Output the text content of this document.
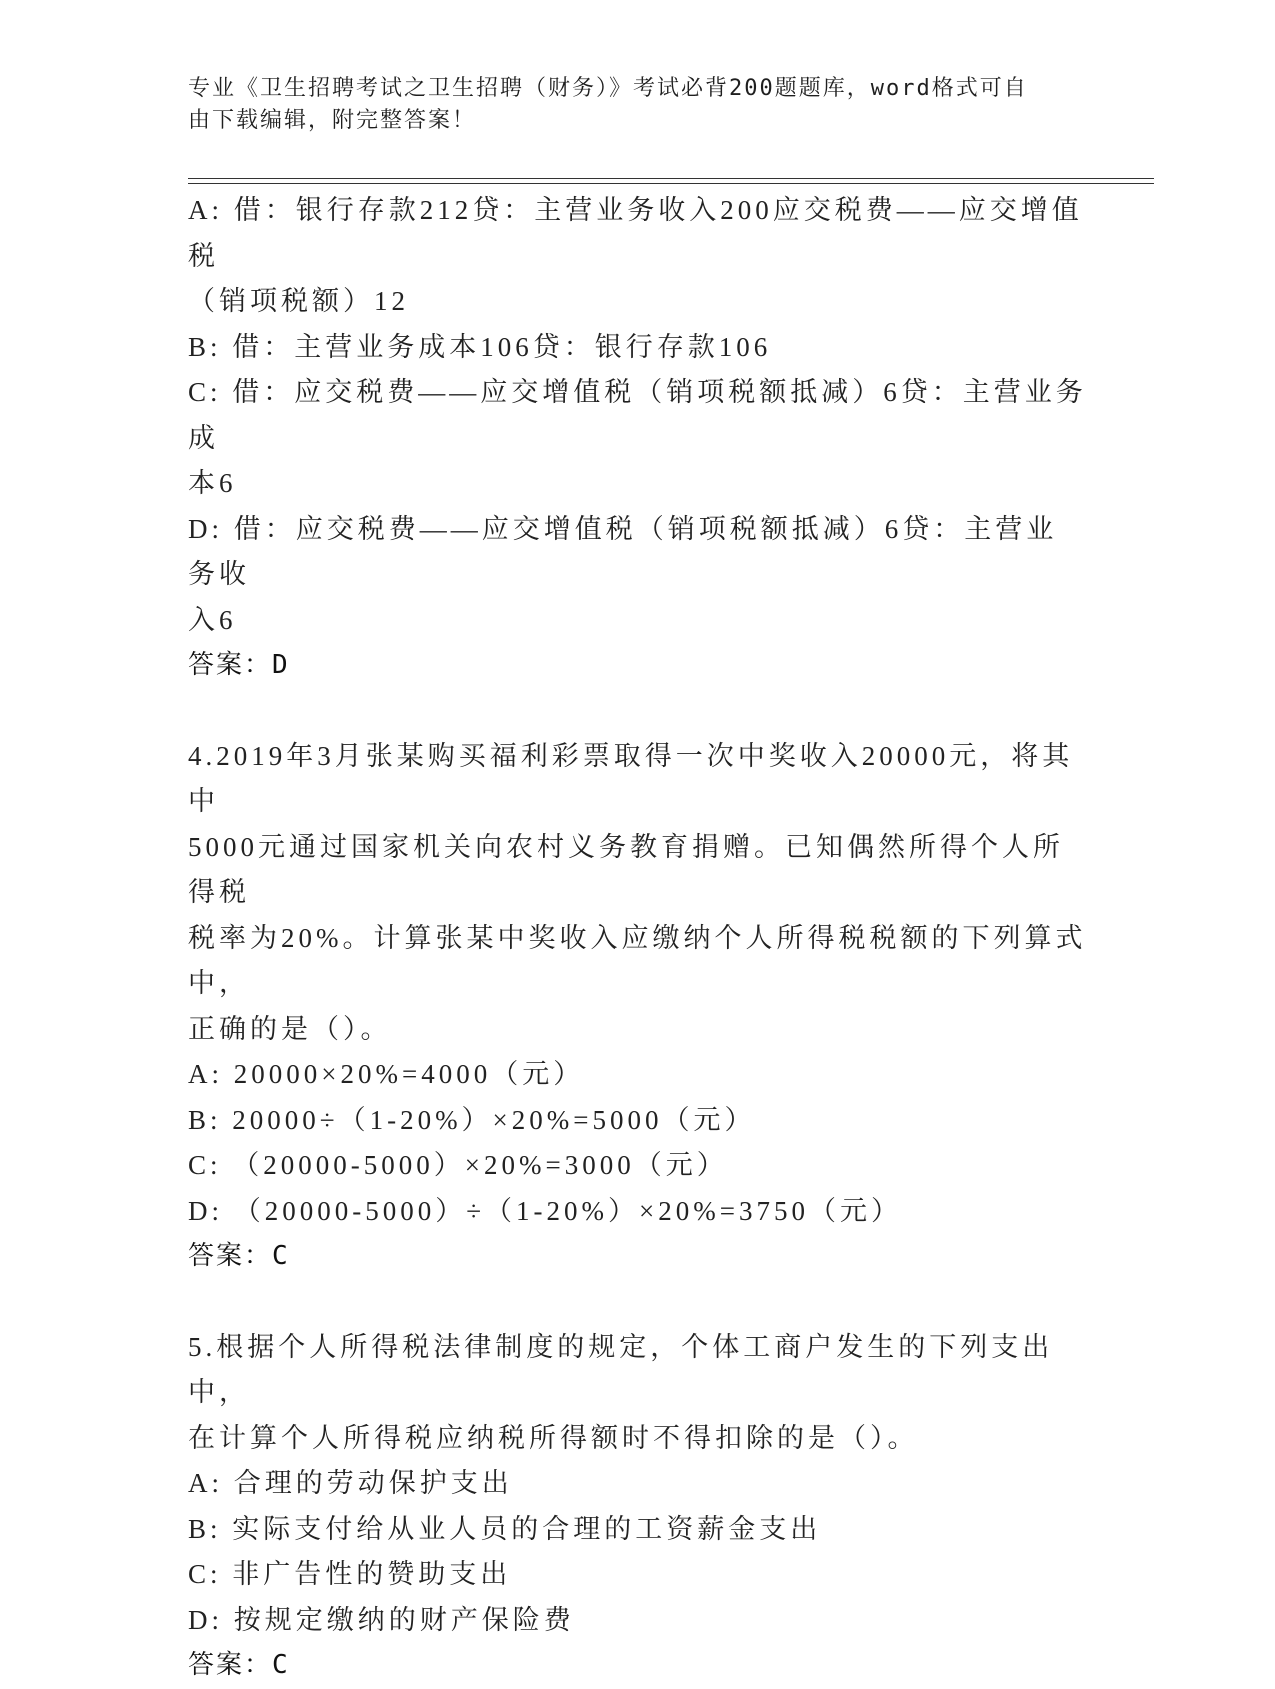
专业《卫生招聘考试之卫生招聘（财务）》考试必背200题题库，word格式可自
由下载编辑，附完整答案！

A: 借：银行存款212贷：主营业务收入200应交税费——应交增值税

（销项税额）12

B: 借：主营业务成本106贷：银行存款106

C: 借：应交税费——应交增值税（销项税额抵减）6贷：主营业务成

本6

D: 借：应交税费——应交增值税（销项税额抵减）6贷：主营业务收

入6

答案：D

4.2019年3月张某购买福利彩票取得一次中奖收入20000元，将其中

5000元通过国家机关向农村义务教育捐赠。已知偶然所得个人所得税

税率为20%。计算张某中奖收入应缴纳个人所得税税额的下列算式中，

正确的是（）。

A: 20000×20%=4000（元）

B: 20000÷（1-20%）×20%=5000（元）

C: （20000-5000）×20%=3000（元）

D: （20000-5000）÷（1-20%）×20%=3750（元）

答案：C

5.根据个人所得税法律制度的规定，个体工商户发生的下列支出中，

在计算个人所得税应纳税所得额时不得扣除的是（）。

A: 合理的劳动保护支出

B: 实际支付给从业人员的合理的工资薪金支出

C: 非广告性的赞助支出

D: 按规定缴纳的财产保险费

答案：C
